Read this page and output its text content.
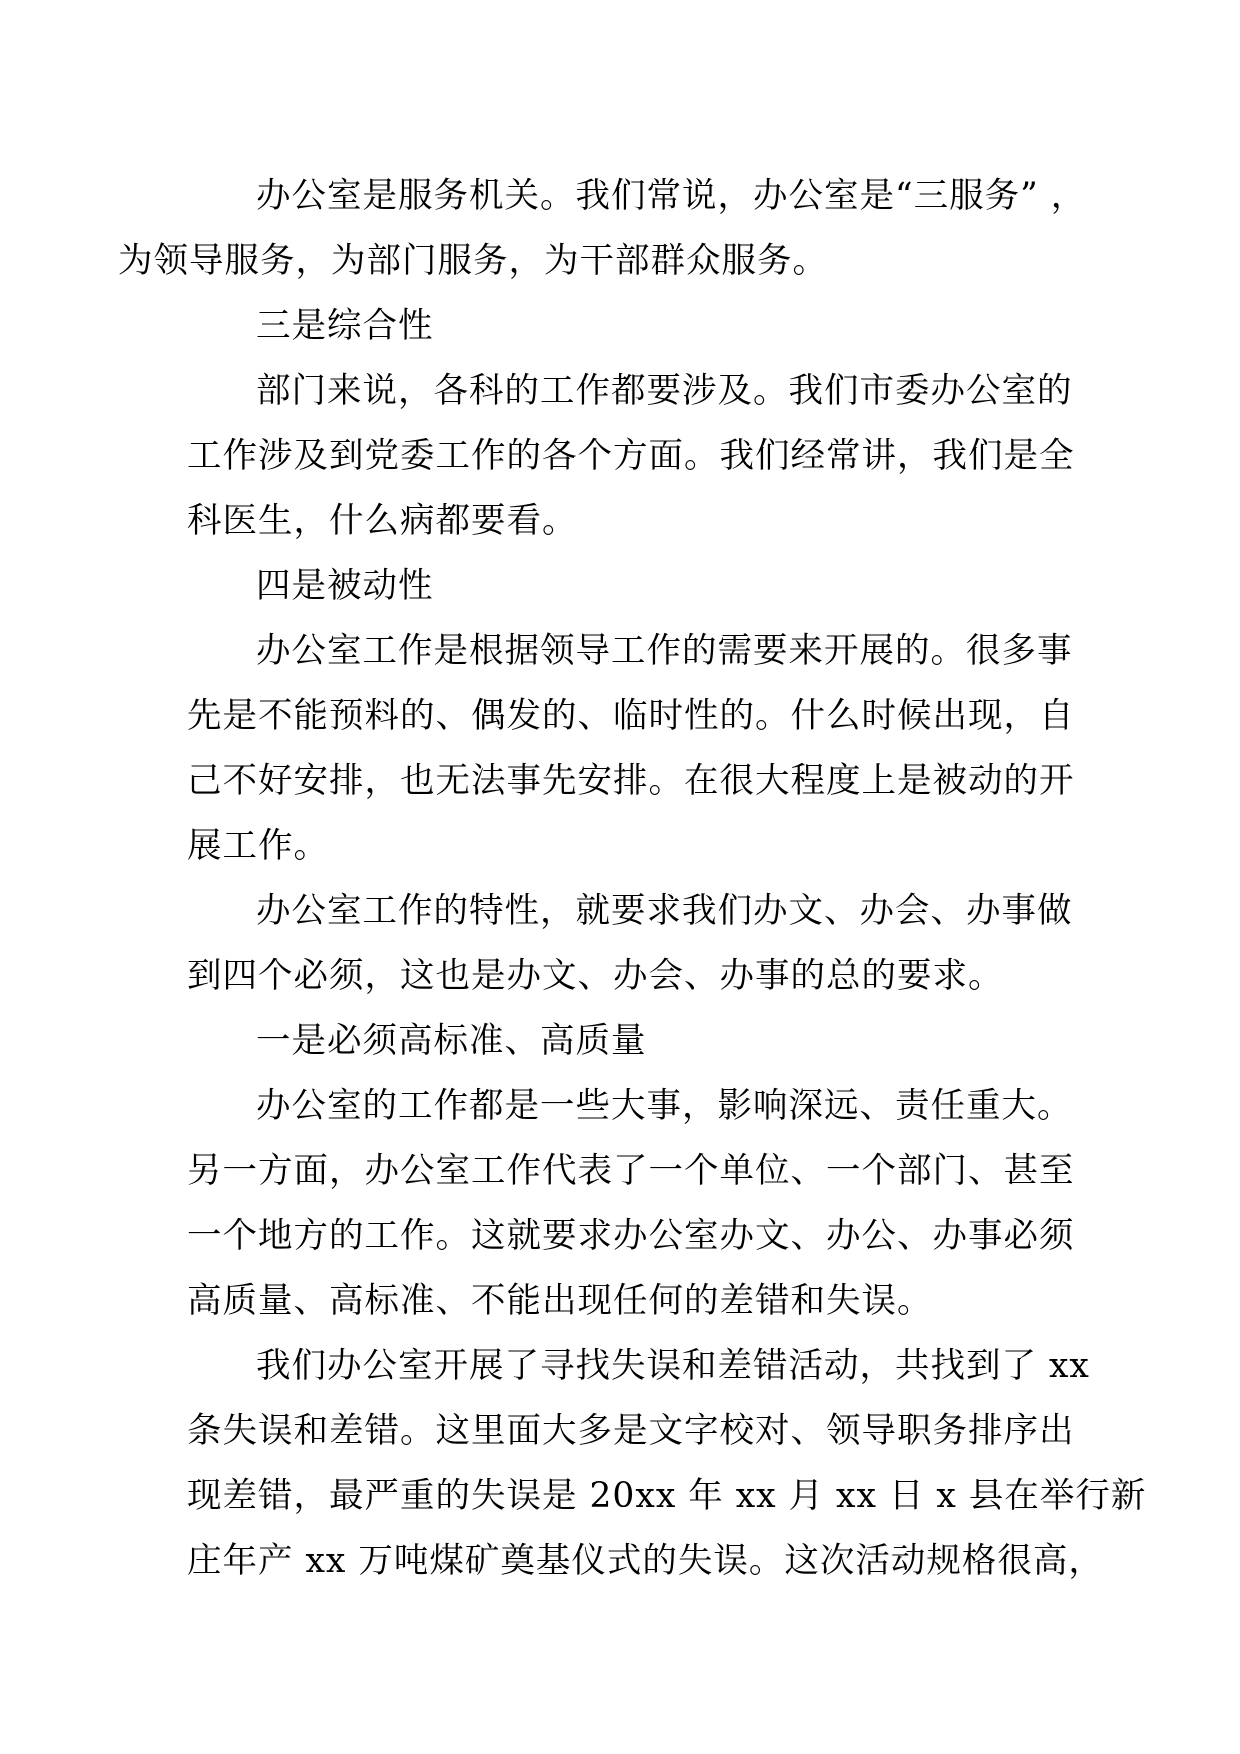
办公室是服务机关。我们常说，办公室是“三服务” ，
为领导服务，为部门服务，为干部群众服务。

三是综合性

部门来说，各科的工作都要涉及。我们市委办公室的
工作涉及到党委工作的各个方面。我们经常讲，我们是全
科医生，什么病都要看。

四是被动性

办公室工作是根据领导工作的需要来开展的。很多事
先是不能预料的、偶发的、临时性的。什么时候出现，自
己不好安排，也无法事先安排。在很大程度上是被动的开
展工作。

办公室工作的特性，就要求我们办文、办会、办事做
到四个必须，这也是办文、办会、办事的总的要求。

一是必须高标准、高质量

办公室的工作都是一些大事，影响深远、责任重大。
另一方面，办公室工作代表了一个单位、一个部门、甚至
一个地方的工作。这就要求办公室办文、办公、办事必须
高质量、高标准、不能出现任何的差错和失误。

我们办公室开展了寻找失误和差错活动，共找到了 xx
条失误和差错。这里面大多是文字校对、领导职务排序出
现差错，最严重的失误是 20xx 年 xx 月 xx 日 x 县在举行新
庄年产 xx 万吨煤矿奠基仪式的失误。这次活动规格很高，
